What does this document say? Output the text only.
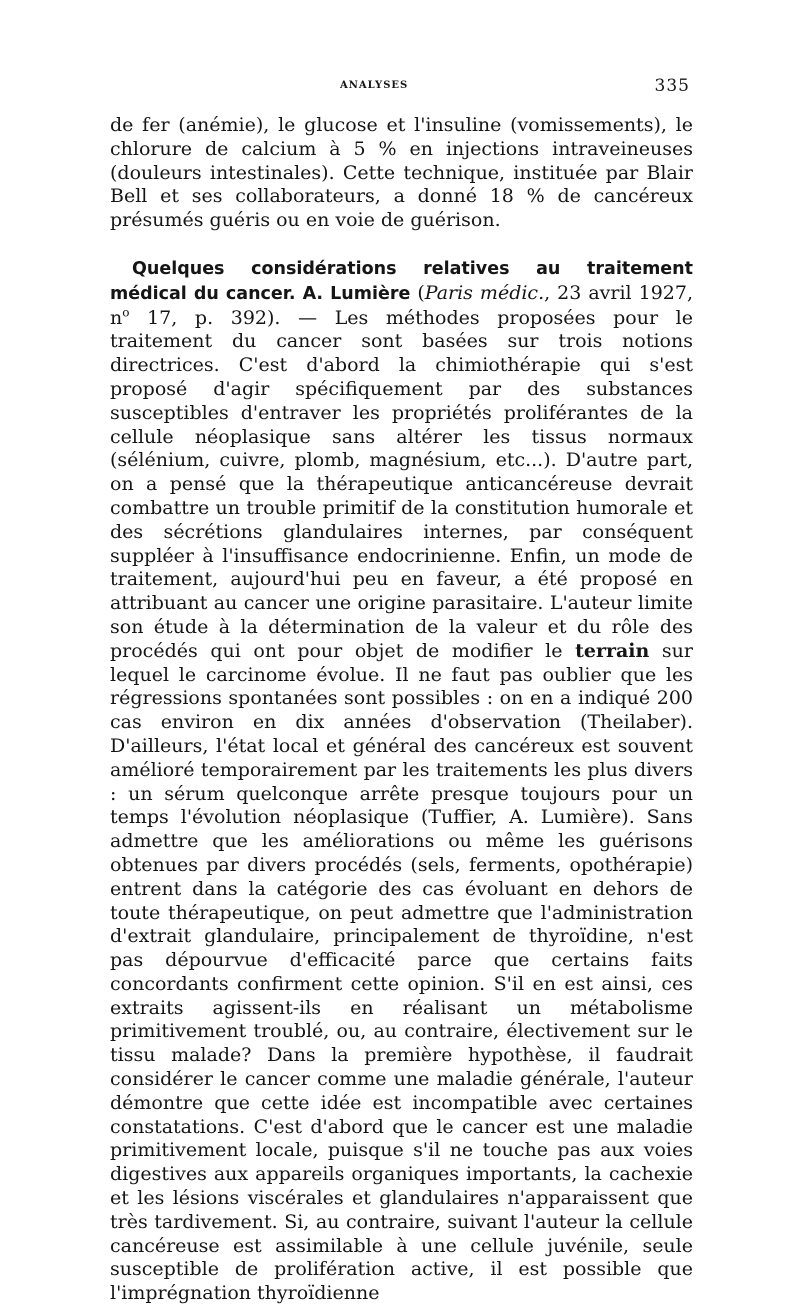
ANALYSES	335

de fer (anémie), le glucose et l'insuline (vomissements), le chlorure de calcium à 5 % en injections intraveineuses (douleurs intestinales). Cette technique, instituée par Blair Bell et ses collaborateurs, a donné 18 % de cancéreux présumés guéris ou en voie de guérison.

Quelques considérations relatives au traitement médical du cancer. A. Lumière (Paris médic., 23 avril 1927, $n^o$ 17, p. 392). — Les méthodes proposées pour le traitement du cancer sont basées sur trois notions directrices. C'est d'abord la chimiothérapie qui s'est proposé d'agir spécifiquement par des substances susceptibles d'entraver les propriétés proliférantes de la cellule néoplasique sans altérer les tissus normaux (sélénium, cuivre, plomb, magnésium, etc...). D'autre part, on a pensé que la thérapeutique anticancéreuse devrait combattre un trouble primitif de la constitution humorale et des sécrétions glandulaires internes, par conséquent suppléer à l'insuffisance endocrinienne. Enfin, un mode de traitement, aujourd'hui peu en faveur, a été proposé en attribuant au cancer une origine parasitaire. L'auteur limite son étude à la détermination de la valeur et du rôle des procédés qui ont pour objet de modifier le terrain sur lequel le carcinome évolue. Il ne faut pas oublier que les régressions spontanées sont possibles : on en a indiqué 200 cas environ en dix années d'observation (Theilaber). D'ailleurs, l'état local et général des cancéreux est souvent amélioré temporairement par les traitements les plus divers : un sérum quelconque arrête presque toujours pour un temps l'évolution néoplasique (Tuffier, A. Lumière). Sans admettre que les améliorations ou même les guérisons obtenues par divers procédés (sels, ferments, opothérapie) entrent dans la catégorie des cas évoluant en dehors de toute thérapeutique, on peut admettre que l'administration d'extrait glandulaire, principalement de thyroïdine, n'est pas dépourvue d'efficacité parce que certains faits concordants confirment cette opinion. S'il en est ainsi, ces extraits agissent-ils en réalisant un métabolisme primitivement troublé, ou, au contraire, électivement sur le tissu malade? Dans la première hypothèse, il faudrait considérer le cancer comme une maladie générale, l'auteur démontre que cette idée est incompatible avec certaines constatations. C'est d'abord que le cancer est une maladie primitivement locale, puisque s'il ne touche pas aux voies digestives aux appareils organiques importants, la cachexie et les lésions viscérales et glandulaires n'apparaissent que très tardivement. Si, au contraire, suivant l'auteur la cellule cancéreuse est assimilable à une cellule juvénile, seule susceptible de prolifération active, il est possible que l'imprégnation thyroïdienne
